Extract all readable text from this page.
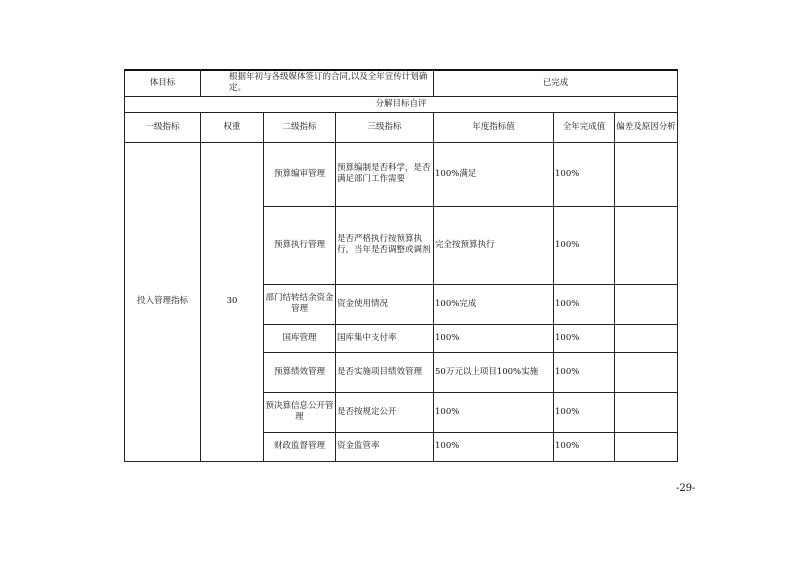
体目标	根据年初与各级媒体签订的合同,以及全年宣传计划确定。			已完成		
分解目标自评						
一级指标	权重	二级指标	三级指标	年度指标值	全年完成值	偏差及原因分析
投入管理指标	30	预算编审管理	预算编制是否科学，是否满足部门工作需要	100%满足	100%	
		预算执行管理	是否严格执行按预算执行，当年是否调整或调剂	完全按预算执行	100%	
		部门结转结余资金管理	资金使用情况	100%完成	100%	
		国库管理	国库集中支付率	100%	100%	
		预算绩效管理	是否实施项目绩效管理	50万元以上项目100%实施	100%	
		预决算信息公开管理	是否按规定公开	100%	100%	
		财政监督管理	资金监管率	100%	100%	
-29-
